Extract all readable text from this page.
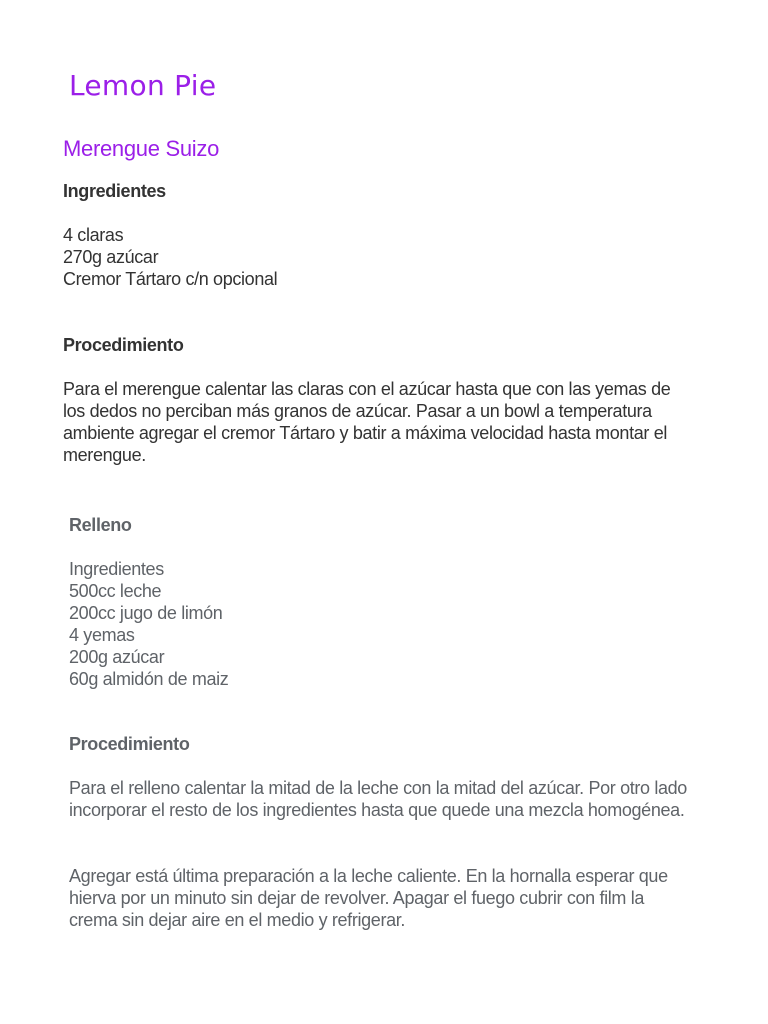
Lemon Pie
Merengue Suizo
Ingredientes
4 claras
270g azúcar
Cremor Tártaro c/n opcional
Procedimiento

Para el merengue calentar las claras con el azúcar hasta que con las yemas de los dedos no perciban más granos de azúcar. Pasar a un bowl a temperatura ambiente agregar el cremor Tártaro y batir a máxima velocidad hasta montar el merengue.

Relleno
Ingredientes
500cc leche
200cc jugo de limón
4 yemas
200g azúcar
60g almidón de maiz
Procedimiento

Para el relleno calentar la mitad de la leche con la mitad del azúcar. Por otro lado incorporar el resto de los ingredientes hasta que quede una mezcla homogénea.

Agregar está última preparación a la leche caliente. En la hornalla esperar que hierva por un minuto sin dejar de revolver. Apagar el fuego cubrir con film la crema sin dejar aire en el medio y refrigerar.
